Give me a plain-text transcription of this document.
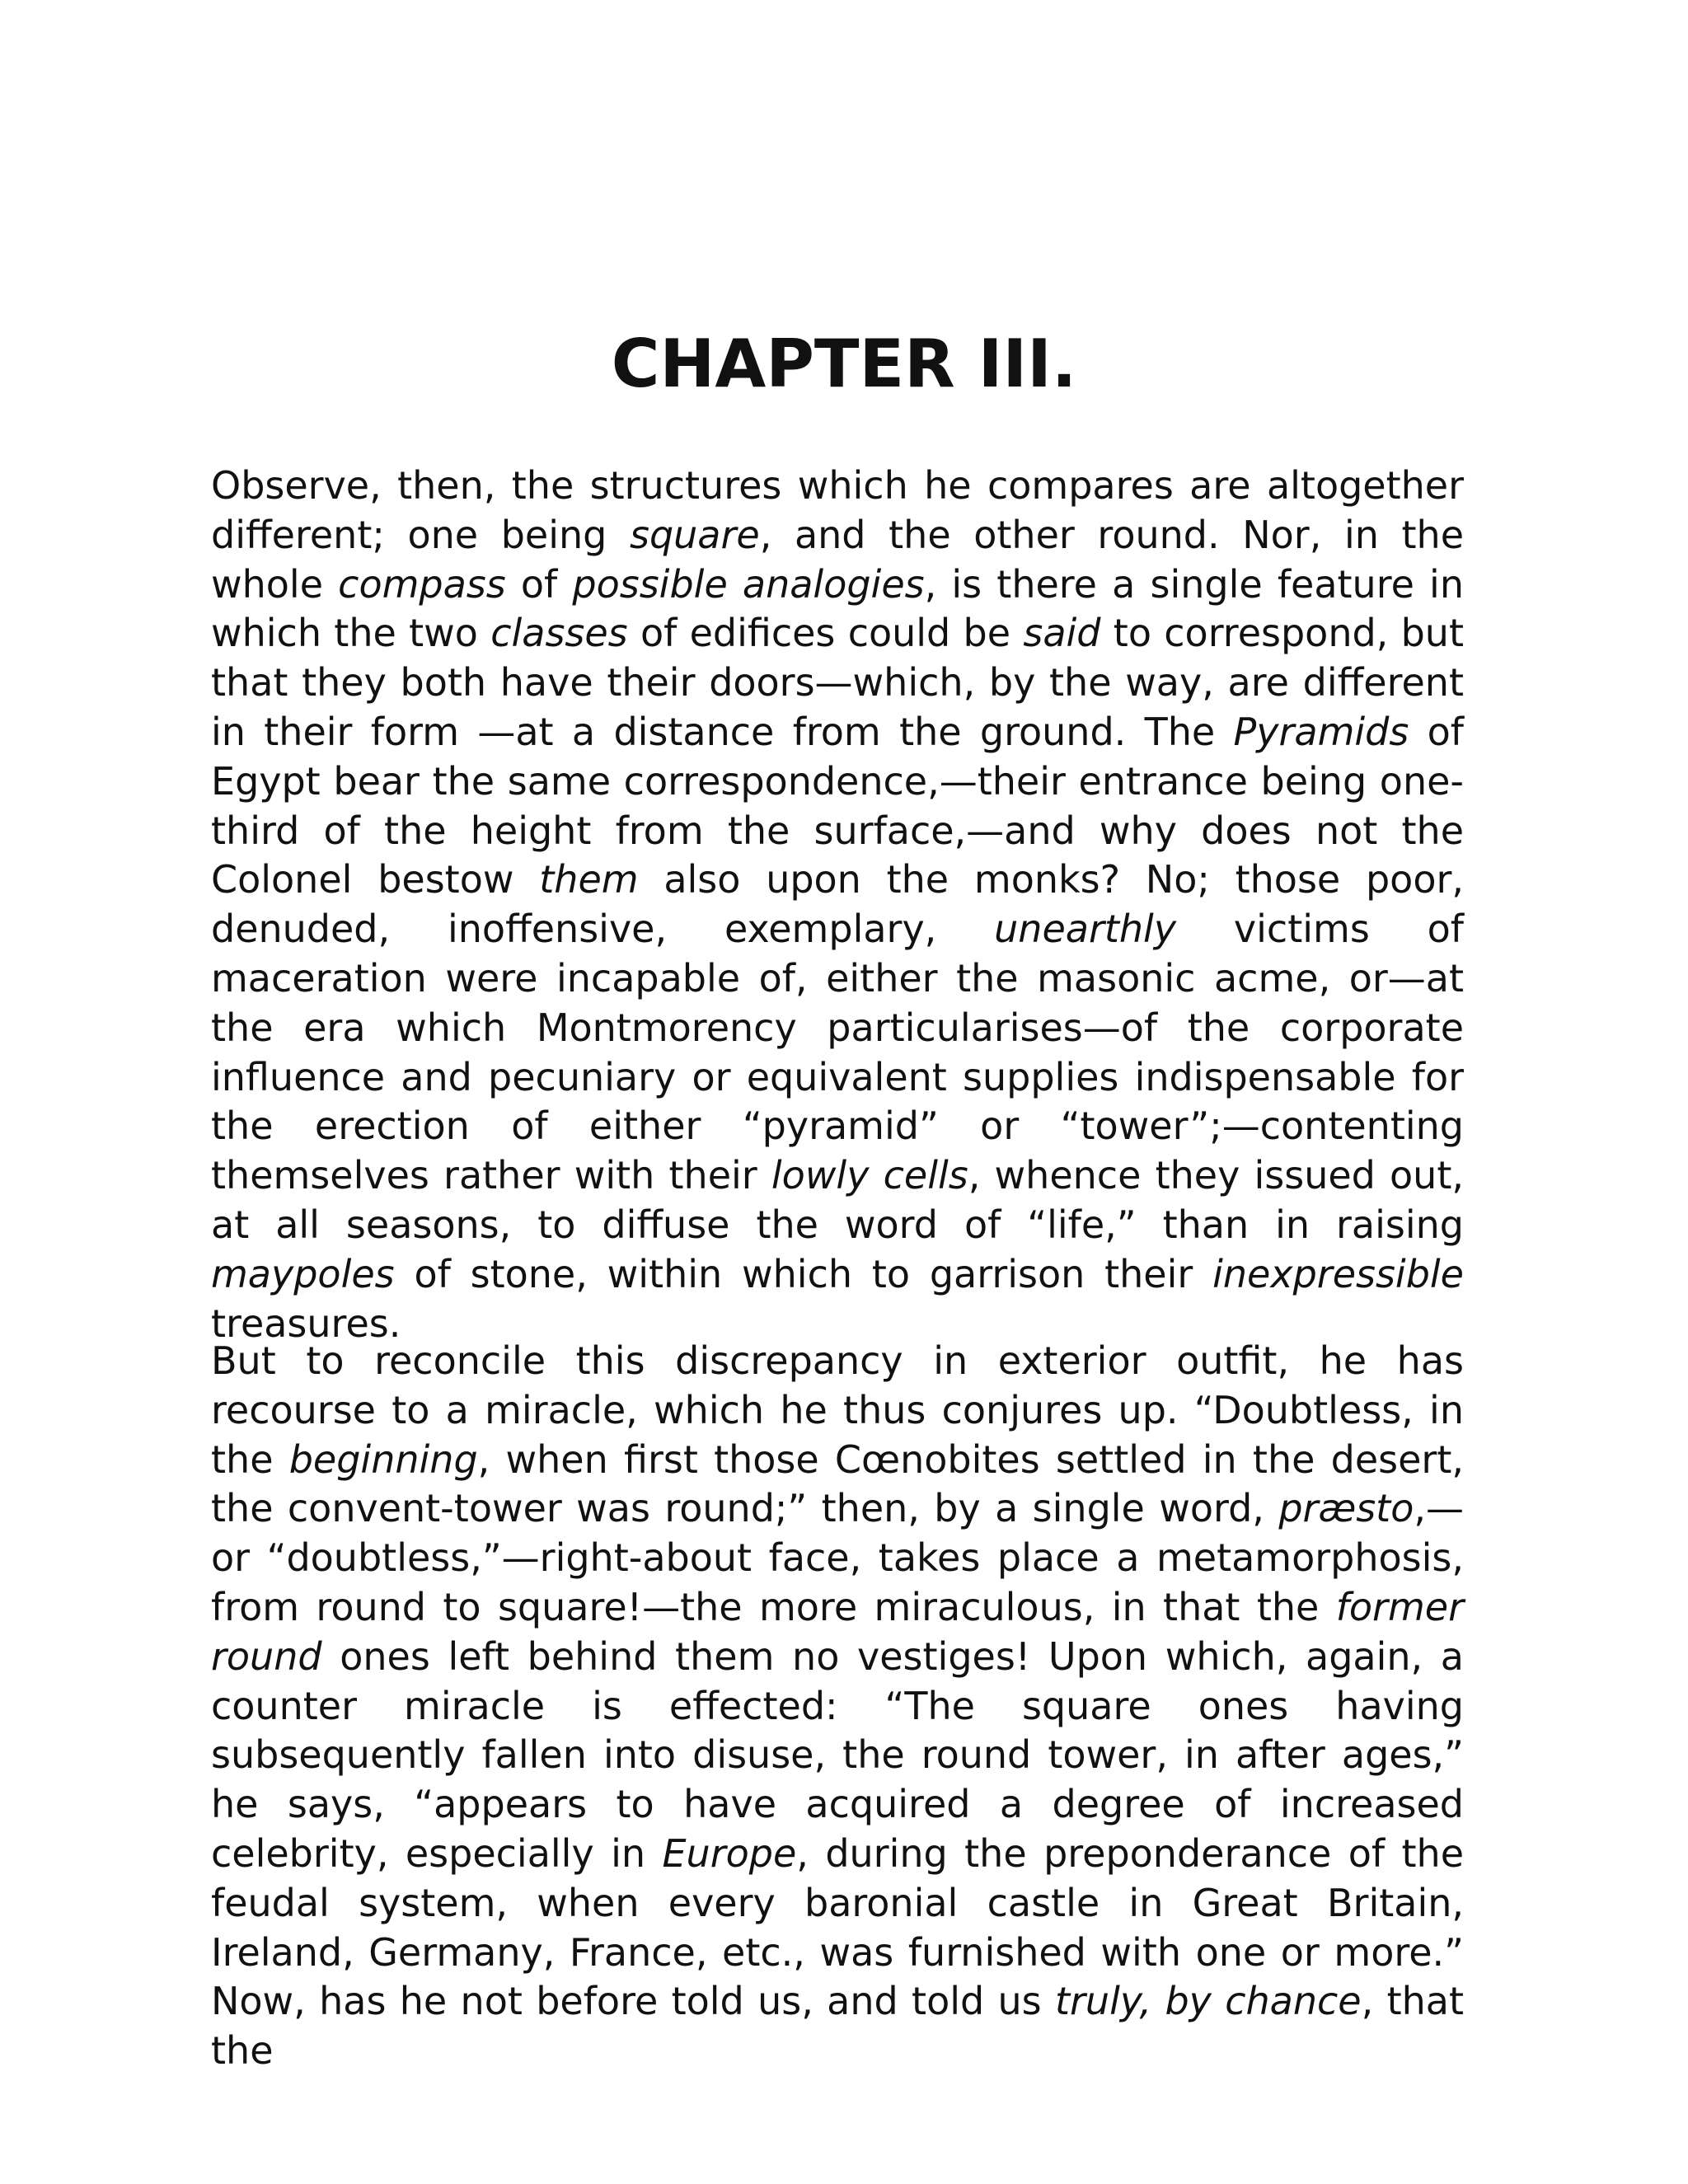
CHAPTER III.

Observe, then, the structures which he compares are altogether different; one being square, and the other round. Nor, in the whole compass of possible analogies, is there a single feature in which the two classes of edifices could be said to correspond, but that they both have their doors—which, by the way, are different in their form —at a distance from the ground. The Pyramids of Egypt bear the same correspondence,—their entrance being one-third of the height from the surface,—and why does not the Colonel bestow them also upon the monks? No; those poor, denuded, inoffensive, exemplary, unearthly victims of maceration were incapable of, either the masonic acme, or—at the era which Montmorency particularises—of the corporate influence and pecuniary or equivalent supplies indispensable for the erection of either “pyramid” or “tower”;—contenting themselves rather with their lowly cells, whence they issued out, at all seasons, to diffuse the word of “life,” than in raising maypoles of stone, within which to garrison their inexpressible treasures.

But to reconcile this discrepancy in exterior outfit, he has recourse to a miracle, which he thus conjures up. “Doubtless, in the beginning, when first those Cœnobites settled in the desert, the convent-tower was round;” then, by a single word, præsto,—or “doubtless,”—right-about face, takes place a metamorphosis, from round to square!—the more miraculous, in that the former round ones left behind them no vestiges! Upon which, again, a counter miracle is effected: “The square ones having subsequently fallen into disuse, the round tower, in after ages,” he says, “appears to have acquired a degree of increased celebrity, especially in Europe, during the preponderance of the feudal system, when every baronial castle in Great Britain, Ireland, Germany, France, etc., was furnished with one or more.” Now, has he not before told us, and told us truly, by chance, that the
